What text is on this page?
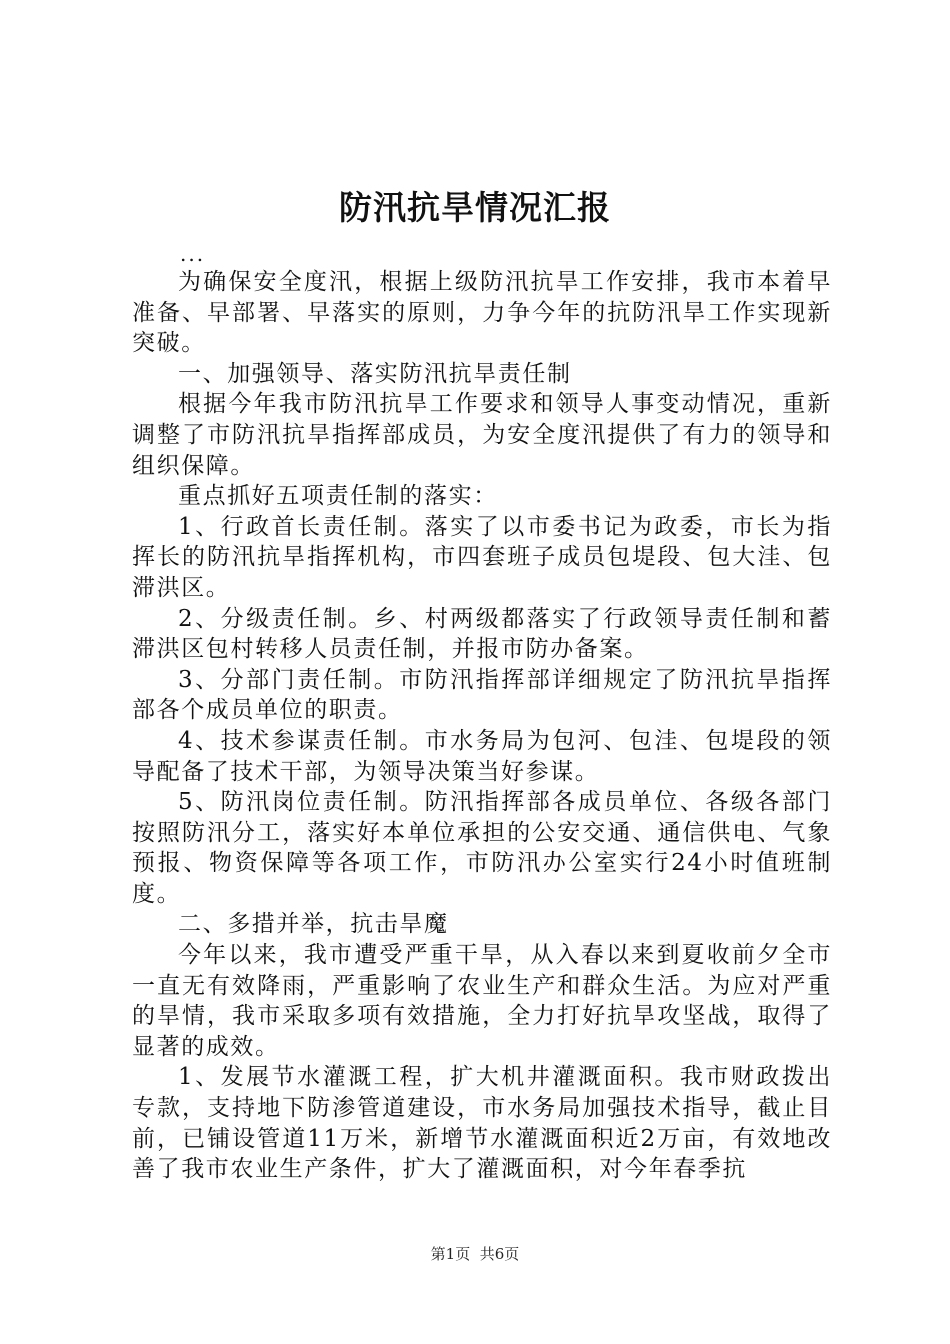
防汛抗旱情况汇报
...

为确保安全度汛，根据上级防汛抗旱工作安排，我市本着早准备、早部署、早落实的原则，力争今年的抗防汛旱工作实现新突破。

一、加强领导、落实防汛抗旱责任制

根据今年我市防汛抗旱工作要求和领导人事变动情况，重新调整了市防汛抗旱指挥部成员，为安全度汛提供了有力的领导和组织保障。

重点抓好五项责任制的落实：

1、行政首长责任制。落实了以市委书记为政委，市长为指挥长的防汛抗旱指挥机构，市四套班子成员包堤段、包大洼、包滞洪区。

2、分级责任制。乡、村两级都落实了行政领导责任制和蓄滞洪区包村转移人员责任制，并报市防办备案。

3、分部门责任制。市防汛指挥部详细规定了防汛抗旱指挥部各个成员单位的职责。

4、技术参谋责任制。市水务局为包河、包洼、包堤段的领导配备了技术干部，为领导决策当好参谋。

5、防汛岗位责任制。防汛指挥部各成员单位、各级各部门按照防汛分工，落实好本单位承担的公安交通、通信供电、气象预报、物资保障等各项工作，市防汛办公室实行24小时值班制度。

二、多措并举，抗击旱魔

今年以来，我市遭受严重干旱，从入春以来到夏收前夕全市一直无有效降雨，严重影响了农业生产和群众生活。为应对严重的旱情，我市采取多项有效措施，全力打好抗旱攻坚战，取得了显著的成效。

1、发展节水灌溉工程，扩大机井灌溉面积。我市财政拨出专款，支持地下防渗管道建设，市水务局加强技术指导，截止目前，已铺设管道11万米，新增节水灌溉面积近2万亩，有效地改善了我市农业生产条件，扩大了灌溉面积，对今年春季抗

第1页 共6页
